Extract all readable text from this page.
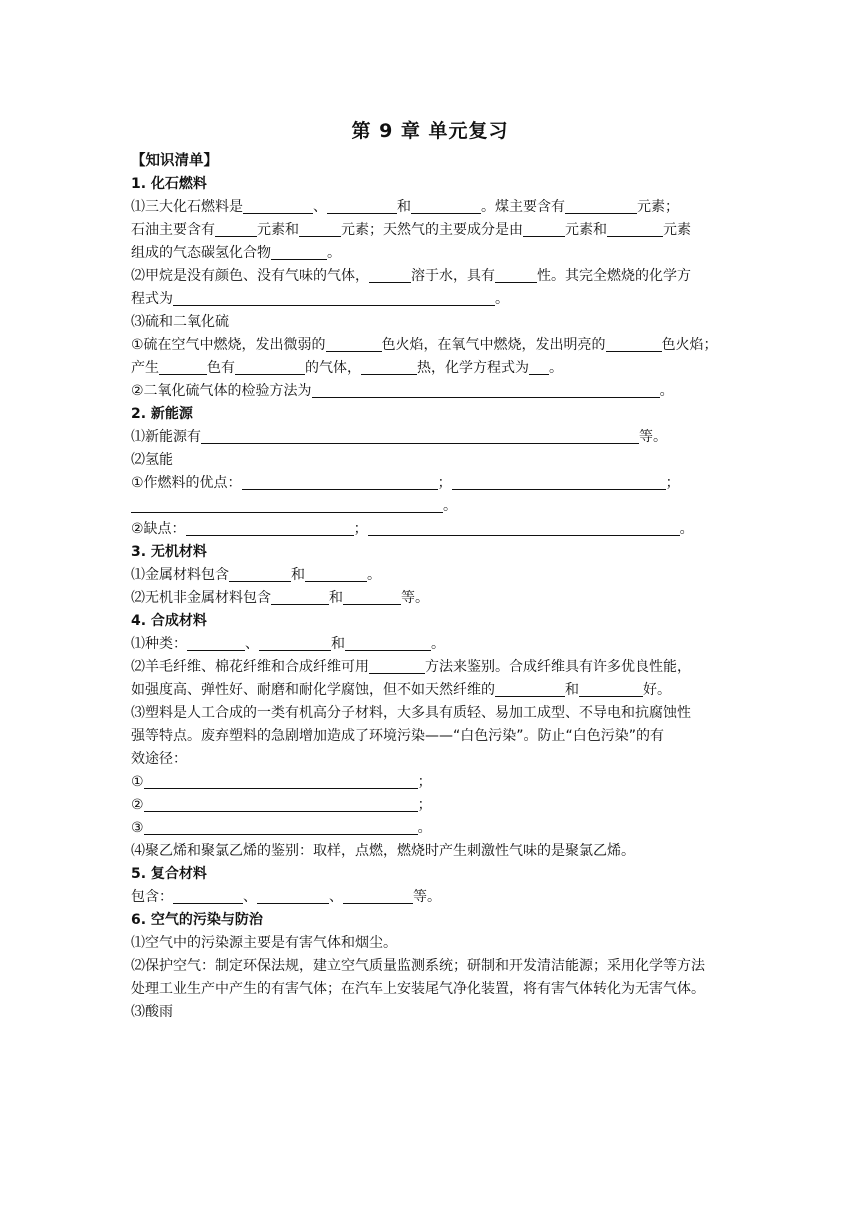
第 9 章 单元复习
【知识清单】
1. 化石燃料
⑴三大化石燃料是	、	和	。煤主要含有	元素；
石油主要含有	元素和	元素；天然气的主要成分是由	元素和	元素
组成的气态碳氢化合物	。
⑵甲烷是没有颜色、没有气味的气体，	溶于水，具有	性。其完全燃烧的化学方
程式为	。
⑶硫和二氧化硫
①硫在空气中燃烧，发出微弱的	色火焰，在氧气中燃烧，发出明亮的	色火焰；
产生	色有	的气体，	热，化学方程式为 。
②二氧化硫气体的检验方法为	。
2. 新能源
⑴新能源有	等。
⑵氢能
①作燃料的优点：	；	；
。
②缺点：	；	。
3. 无机材料
⑴金属材料包含	和	。
⑵无机非金属材料包含	和	等。
4. 合成材料
⑴种类：	、	和	。
⑵羊毛纤维、棉花纤维和合成纤维可用	方法来鉴别。合成纤维具有许多优良性能，
如强度高、弹性好、耐磨和耐化学腐蚀，但不如天然纤维的	和	好。
⑶塑料是人工合成的一类有机高分子材料，大多具有质轻、易加工成型、不导电和抗腐蚀性
强等特点。废弃塑料的急剧增加造成了环境污染——“白色污染”。防止“白色污染”的有
效途径：
①	；
②	；
③	。
⑷聚乙烯和聚氯乙烯的鉴别：取样，点燃，燃烧时产生刺激性气味的是聚氯乙烯。
5. 复合材料
包含：	、	、	等。
6. 空气的污染与防治
⑴空气中的污染源主要是有害气体和烟尘。
⑵保护空气：制定环保法规，建立空气质量监测系统；研制和开发清洁能源；采用化学等方法
处理工业生产中产生的有害气体；在汽车上安装尾气净化装置，将有害气体转化为无害气体。
⑶酸雨
